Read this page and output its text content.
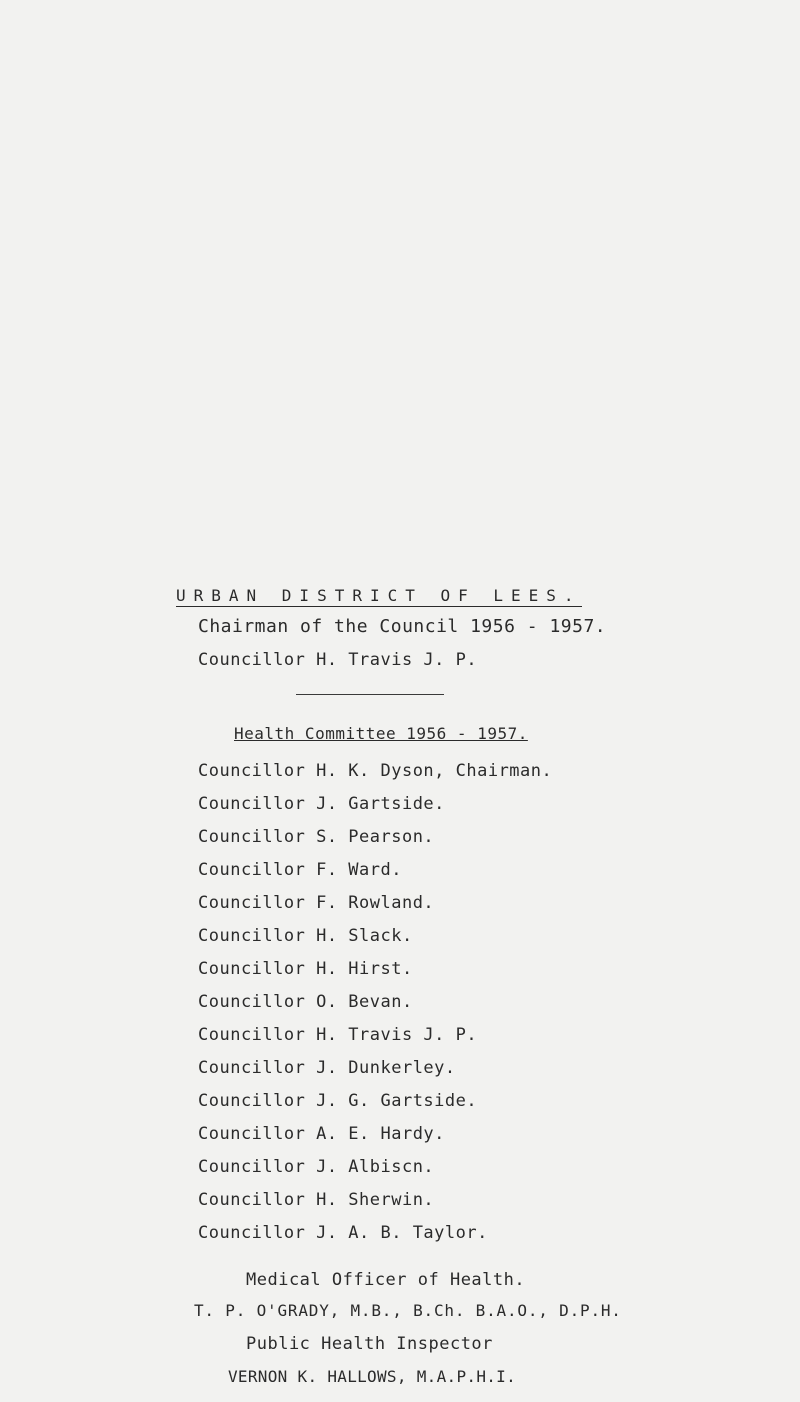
URBAN DISTRICT OF LEES.
Chairman of the Council 1956 - 1957.
Councillor H. Travis J. P.
Health Committee 1956 - 1957.
Councillor H. K. Dyson, Chairman.
Councillor J. Gartside.
Councillor S. Pearson.
Councillor F. Ward.
Councillor F. Rowland.
Councillor H. Slack.
Councillor H. Hirst.
Councillor O. Bevan.
Councillor H. Travis J. P.
Councillor J. Dunkerley.
Councillor J. G. Gartside.
Councillor A. E. Hardy.
Councillor J. Albiscn.
Councillor H. Sherwin.
Councillor J. A. B. Taylor.
Medical Officer of Health.
T. P. O'GRADY, M.B., B.Ch. B.A.O., D.P.H.
Public Health Inspector
VERNON K. HALLOWS, M.A.P.H.I.
